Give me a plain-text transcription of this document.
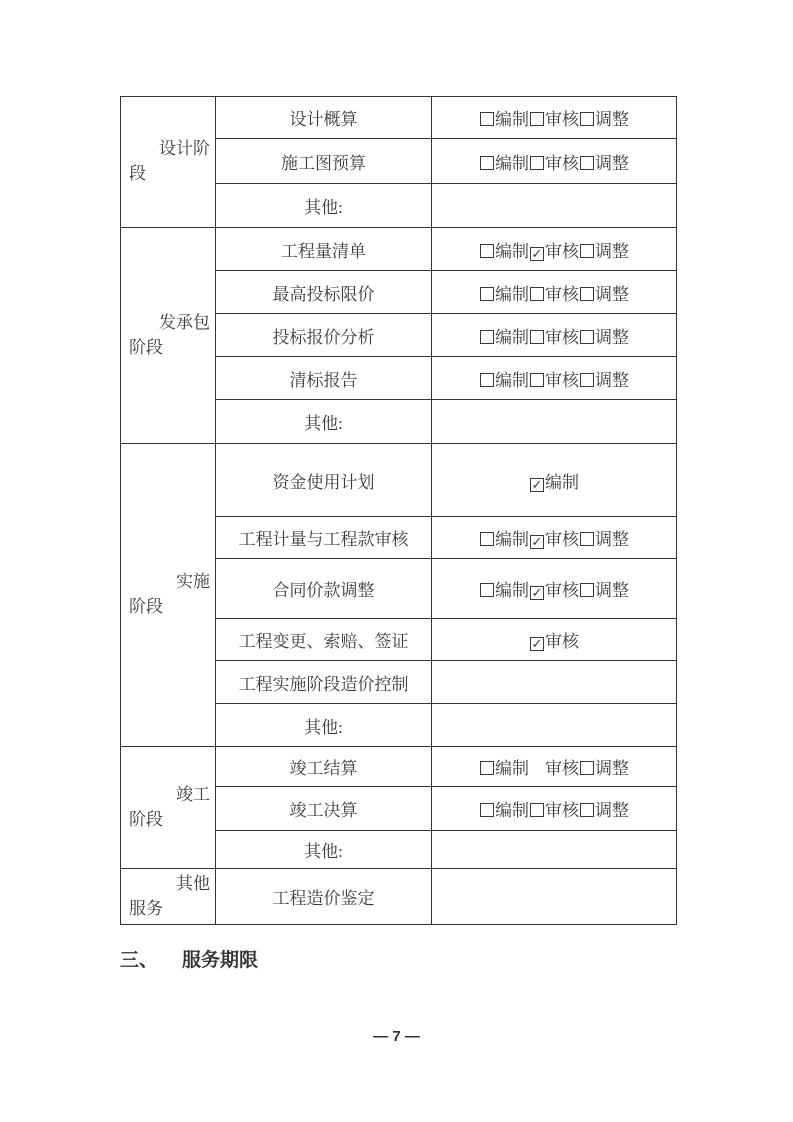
设计阶
段	设计概算	编制 审核 调整
	施工图预算	编制 审核 调整
	其他:	

发承包
阶段	工程量清单	编制 ✓ 审核 调整
	最高投标限价	编制 审核 调整
	投标报价分析	编制 审核 调整
	清标报告	编制 审核 调整
	其他:	

实施
阶段	资金使用计划	✓ 编制
	工程计量与工程款审核	编制 ✓ 审核 调整
	合同价款调整	编制 ✓ 审核 调整
	工程变更、索赔、签证	✓ 审核
	工程实施阶段造价控制	
	其他:	

竣工
阶段	竣工结算	编制 审核 调整
	竣工决算	编制 审核 调整
	其他:	

其他
服务	工程造价鉴定	
三、	服务期限
— 7 —
